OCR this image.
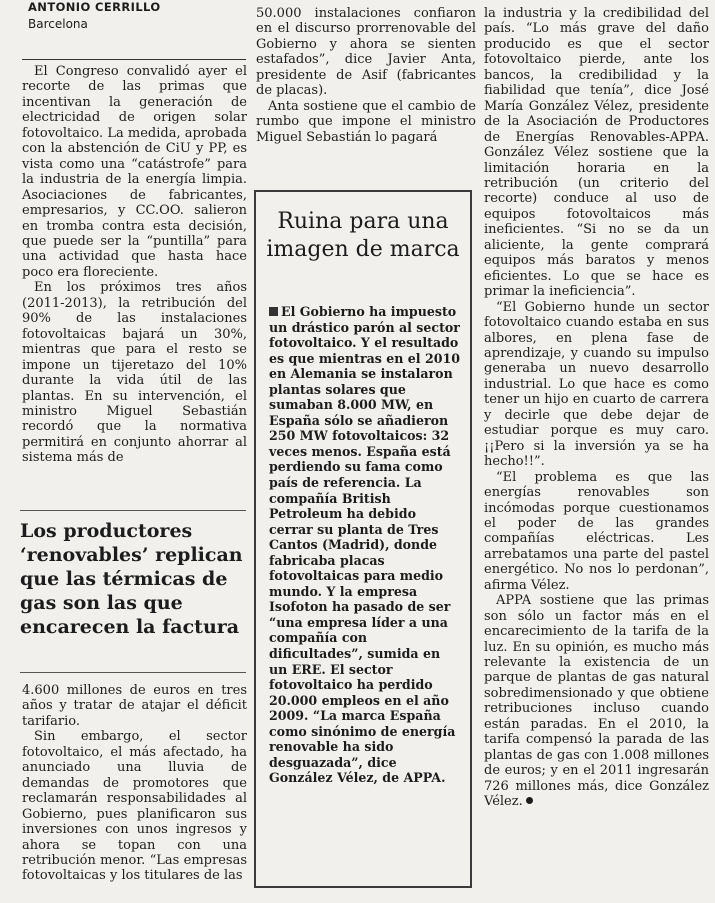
ANTONIO CERRILLO
Barcelona

El Congreso convalidó ayer el recorte de las primas que incentivan la generación de electricidad de origen solar fotovoltaico. La medida, aprobada con la abstención de CiU y PP, es vista como una “catástrofe” para la industria de la energía limpia. Asociaciones de fabricantes, empresarios, y CC.OO. salieron en tromba contra esta decisión, que puede ser la “puntilla” para una actividad que hasta hace poco era floreciente.

En los próximos tres años (2011-2013), la retribución del 90% de las instalaciones fotovoltaicas bajará un 30%, mientras que para el resto se impone un tijeretazo del 10% durante la vida útil de las plantas. En su intervención, el ministro Miguel Sebastián recordó que la normativa permitirá en conjunto ahorrar al sistema más de

Los productores ‘renovables’ replican que las térmicas de gas son las que encarecen la factura

4.600 millones de euros en tres años y tratar de atajar el déficit tarifario.

Sin embargo, el sector fotovoltaico, el más afectado, ha anunciado una lluvia de demandas de promotores que reclamarán responsabilidades al Gobierno, pues planificaron sus inversiones con unos ingresos y ahora se topan con una retribución menor. “Las empresas fotovoltaicas y los titulares de las

50.000 instalaciones confiaron en el discurso prorrenovable del Gobierno y ahora se sienten estafados”, dice Javier Anta, presidente de Asif (fabricantes de placas).

Anta sostiene que el cambio de rumbo que impone el ministro Miguel Sebastián lo pagará

Ruina para una imagen de marca

El Gobierno ha impuesto un drástico parón al sector fotovoltaico. Y el resultado es que mientras en el 2010 en Alemania se instalaron plantas solares que sumaban 8.000 MW, en España sólo se añadieron 250 MW fotovoltaicos: 32 veces menos. España está perdiendo su fama como país de referencia. La compañía British Petroleum ha debido cerrar su planta de Tres Cantos (Madrid), donde fabricaba placas fotovoltaicas para medio mundo. Y la empresa Isofoton ha pasado de ser “una empresa líder a una compañía con dificultades”, sumida en un ERE. El sector fotovoltaico ha perdido 20.000 empleos en el año 2009. “La marca España como sinónimo de energía renovable ha sido desguazada”, dice González Vélez, de APPA.

la industria y la credibilidad del país. “Lo más grave del daño producido es que el sector fotovoltaico pierde, ante los bancos, la credibilidad y la fiabilidad que tenía”, dice José María González Vélez, presidente de la Asociación de Productores de Energías Renovables-APPA. González Vélez sostiene que la limitación horaria en la retribución (un criterio del recorte) conduce al uso de equipos fotovoltaicos más ineficientes. “Si no se da un aliciente, la gente comprará equipos más baratos y menos eficientes. Lo que se hace es primar la ineficiencia”.

“El Gobierno hunde un sector fotovoltaico cuando estaba en sus albores, en plena fase de aprendizaje, y cuando su impulso generaba un nuevo desarrollo industrial. Lo que hace es como tener un hijo en cuarto de carrera y decirle que debe dejar de estudiar porque es muy caro. ¡¡Pero si la inversión ya se ha hecho!!”.

“El problema es que las energías renovables son incómodas porque cuestionamos el poder de las grandes compañías eléctricas. Les arrebatamos una parte del pastel energético. No nos lo perdonan”, afirma Vélez.

APPA sostiene que las primas son sólo un factor más en el encarecimiento de la tarifa de la luz. En su opinión, es mucho más relevante la existencia de un parque de plantas de gas natural sobredimensionado y que obtiene retribuciones incluso cuando están paradas. En el 2010, la tarifa compensó la parada de las plantas de gas con 1.008 millones de euros; y en el 2011 ingresarán 726 millones más, dice González Vélez.
